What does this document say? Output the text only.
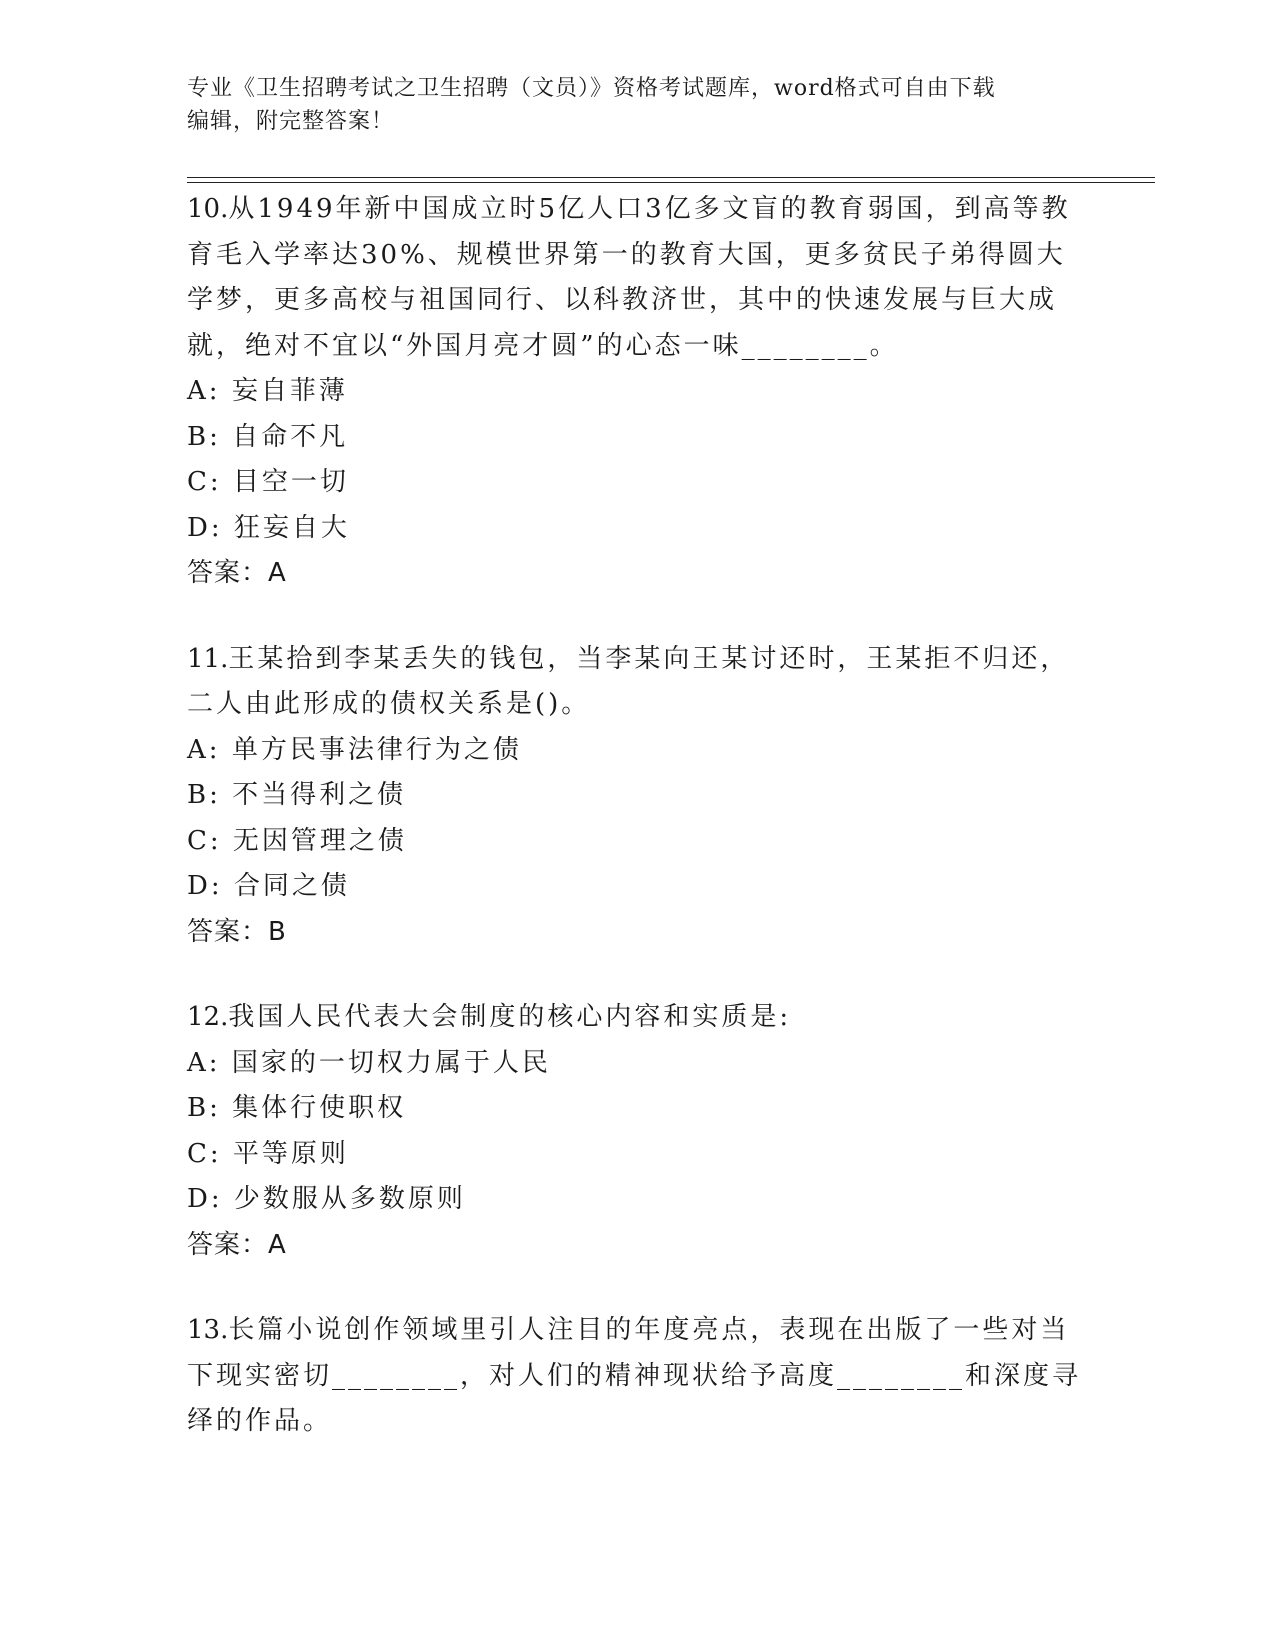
专业《卫生招聘考试之卫生招聘（文员）》资格考试题库，word格式可自由下载
编辑，附完整答案！

10.从1949年新中国成立时5亿人口3亿多文盲的教育弱国，到高等教育毛入学率达30%、规模世界第一的教育大国，更多贫民子弟得圆大学梦，更多高校与祖国同行、以科教济世，其中的快速发展与巨大成就，绝对不宜以“外国月亮才圆”的心态一味________。

A: 妄自菲薄

B: 自命不凡

C: 目空一切

D: 狂妄自大

答案：A

11.王某拾到李某丢失的钱包，当李某向王某讨还时，王某拒不归还，二人由此形成的债权关系是()。

A: 单方民事法律行为之债

B: 不当得利之债

C: 无因管理之债

D: 合同之债

答案：B

12.我国人民代表大会制度的核心内容和实质是:

A: 国家的一切权力属于人民

B: 集体行使职权

C: 平等原则

D: 少数服从多数原则

答案：A

13.长篇小说创作领域里引人注目的年度亮点，表现在出版了一些对当下现实密切________，对人们的精神现状给予高度________和深度寻绎的作品。
